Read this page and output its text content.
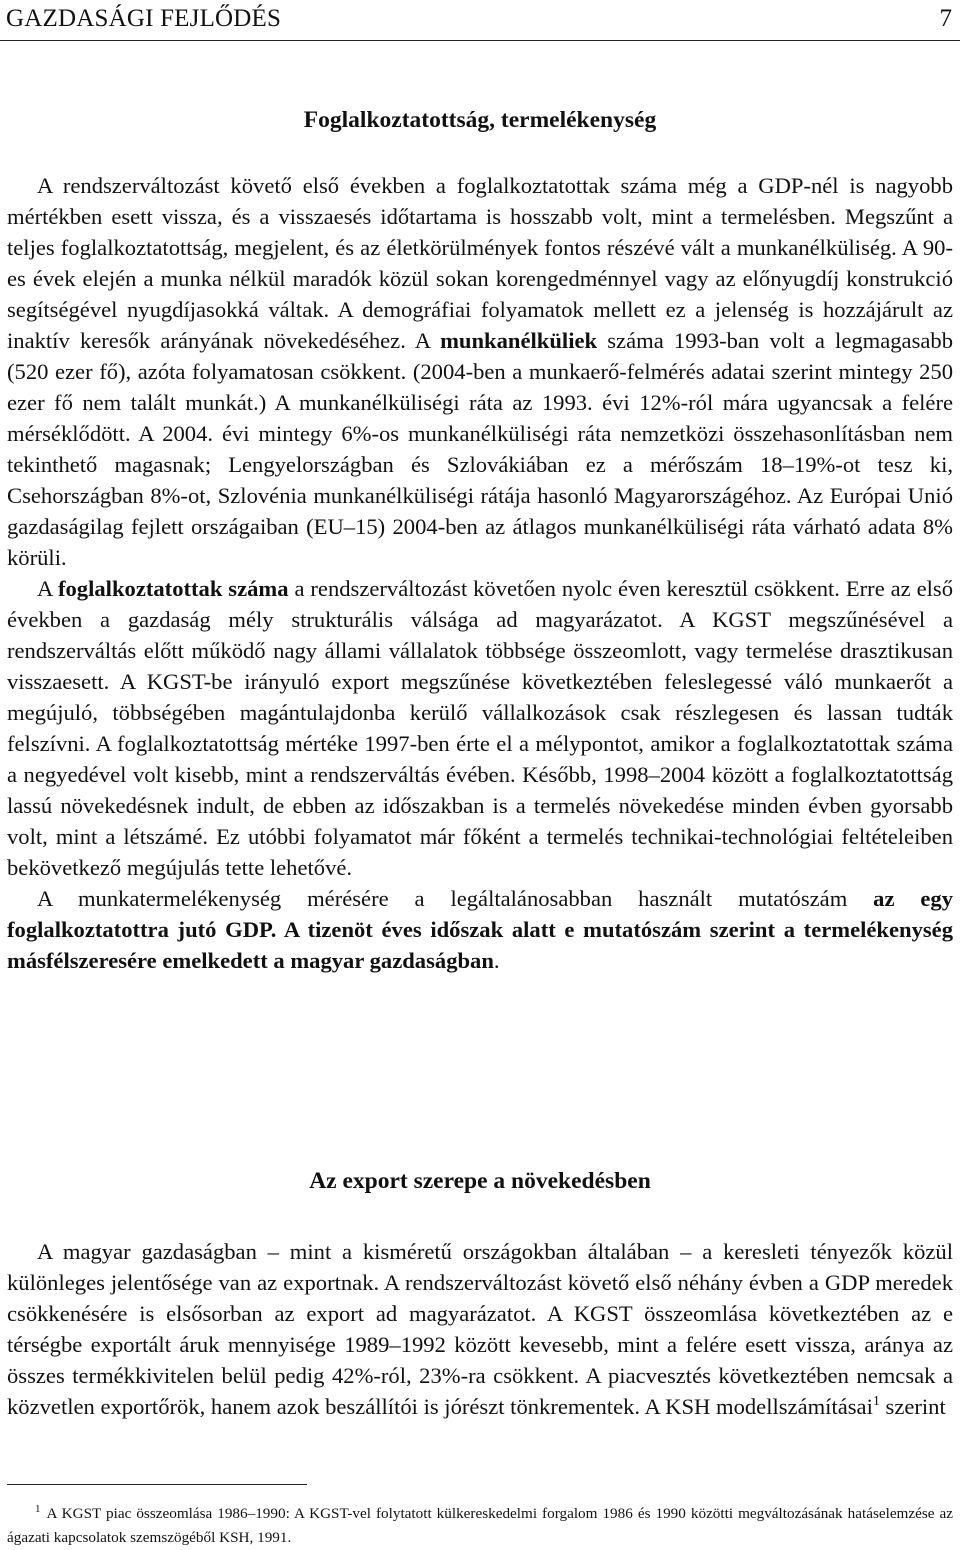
GAZDASÁGI FEJLŐDÉS	7
Foglalkoztatottság, termelékenység

A rendszerváltozást követő első években a foglalkoztatottak száma még a GDP-nél is nagyobb mértékben esett vissza, és a visszaesés időtartama is hosszabb volt, mint a termelésben. Megszűnt a teljes foglalkoztatottság, megjelent, és az életkörülmények fontos részévé vált a munkanélküliség. A 90-es évek elején a munka nélkül maradók közül sokan korengedménnyel vagy az előnyugdíj konstrukció segítségével nyugdíjasokká váltak. A demográfiai folyamatok mellett ez a jelenség is hozzájárult az inaktív keresők arányának növekedéséhez. A munkanélküliek száma 1993-ban volt a legmagasabb (520 ezer fő), azóta folyamatosan csökkent. (2004-ben a munkaerő-felmérés adatai szerint mintegy 250 ezer fő nem talált munkát.) A munkanélküliségi ráta az 1993. évi 12%-ról mára ugyancsak a felére mérséklődött. A 2004. évi mintegy 6%-os munkanélküliségi ráta nemzetközi összehasonlításban nem tekinthető magasnak; Lengyelországban és Szlovákiában ez a mérőszám 18–19%-ot tesz ki, Csehországban 8%-ot, Szlovénia munkanélküliségi rátája hasonló Magyarországéhoz. Az Európai Unió gazdaságilag fejlett országaiban (EU–15) 2004-ben az átlagos munkanélküliségi ráta várható adata 8% körüli.

A foglalkoztatottak száma a rendszerváltozást követően nyolc éven keresztül csökkent. Erre az első években a gazdaság mély strukturális válsága ad magyarázatot. A KGST megszűnésével a rendszerváltás előtt működő nagy állami vállalatok többsége összeomlott, vagy termelése drasztikusan visszaesett. A KGST-be irányuló export megszűnése következtében feleslegessé váló munkaerőt a megújuló, többségében magántulajdonba kerülő vállalkozások csak részlegesen és lassan tudták felszívni. A foglalkoztatottság mértéke 1997-ben érte el a mélypontot, amikor a foglalkoztatottak száma a negyedével volt kisebb, mint a rendszerváltás évében. Később, 1998–2004 között a foglalkoztatottság lassú növekedésnek indult, de ebben az időszakban is a termelés növekedése minden évben gyorsabb volt, mint a létszámé. Ez utóbbi folyamatot már főként a termelés technikai-technológiai feltételeiben bekövetkező megújulás tette lehetővé.

A munkatermelékenység mérésére a legáltalánosabban használt mutatószám az egy foglalkoztatottra jutó GDP. A tizenöt éves időszak alatt e mutatószám szerint a termelékenység másfélszeresére emelkedett a magyar gazdaságban.

Az export szerepe a növekedésben

A magyar gazdaságban – mint a kisméretű országokban általában – a keresleti tényezők közül különleges jelentősége van az exportnak. A rendszerváltozást követő első néhány évben a GDP meredek csökkenésére is elsősorban az export ad magyarázatot. A KGST összeomlása következtében az e térségbe exportált áruk mennyisége 1989–1992 között kevesebb, mint a felére esett vissza, aránya az összes termékkivitelen belül pedig 42%-ról, 23%-ra csökkent. A piacvesztés következtében nemcsak a közvetlen exportőrök, hanem azok beszállítói is jórészt tönkrementek. A KSH modellszámításai$^1$ szerint

$^1$ A KGST piac összeomlása 1986–1990: A KGST-vel folytatott külkereskedelmi forgalom 1986 és 1990 közötti megváltozásának hatáselemzése az ágazati kapcsolatok szemszögéből KSH, 1991.
